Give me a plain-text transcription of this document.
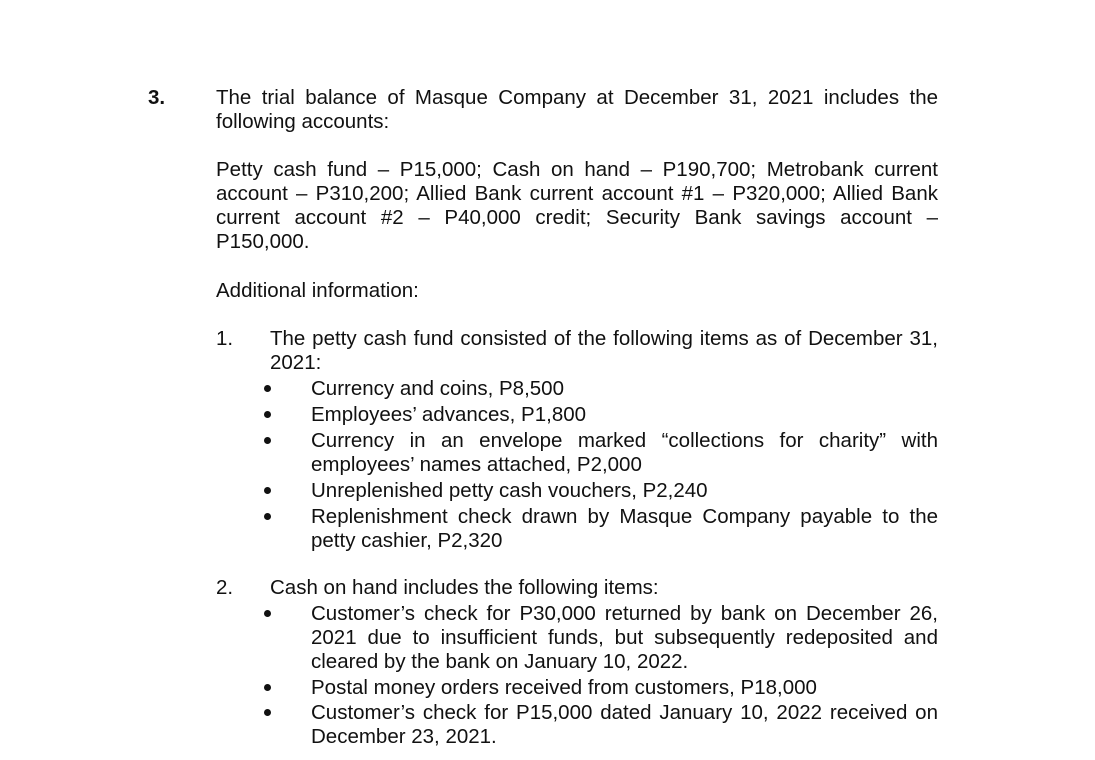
3. The trial balance of Masque Company at December 31, 2021 includes the
following accounts:
Petty cash fund – P15,000; Cash on hand – P190,700; Metrobank current
account – P310,200; Allied Bank current account #1 – P320,000; Allied Bank
current account #2 – P40,000 credit; Security Bank savings account –
P150,000.
Additional information:
1. The petty cash fund consisted of the following items as of December 31,
2021:
Currency and coins, P8,500
Employees’ advances, P1,800
Currency in an envelope marked “collections for charity” with
employees’ names attached, P2,000
Unreplenished petty cash vouchers, P2,240
Replenishment check drawn by Masque Company payable to the
petty cashier, P2,320
2. Cash on hand includes the following items:
Customer’s check for P30,000 returned by bank on December 26,
2021 due to insufficient funds, but subsequently redeposited and
cleared by the bank on January 10, 2022.
Postal money orders received from customers, P18,000
Customer’s check for P15,000 dated January 10, 2022 received on
December 23, 2021.
